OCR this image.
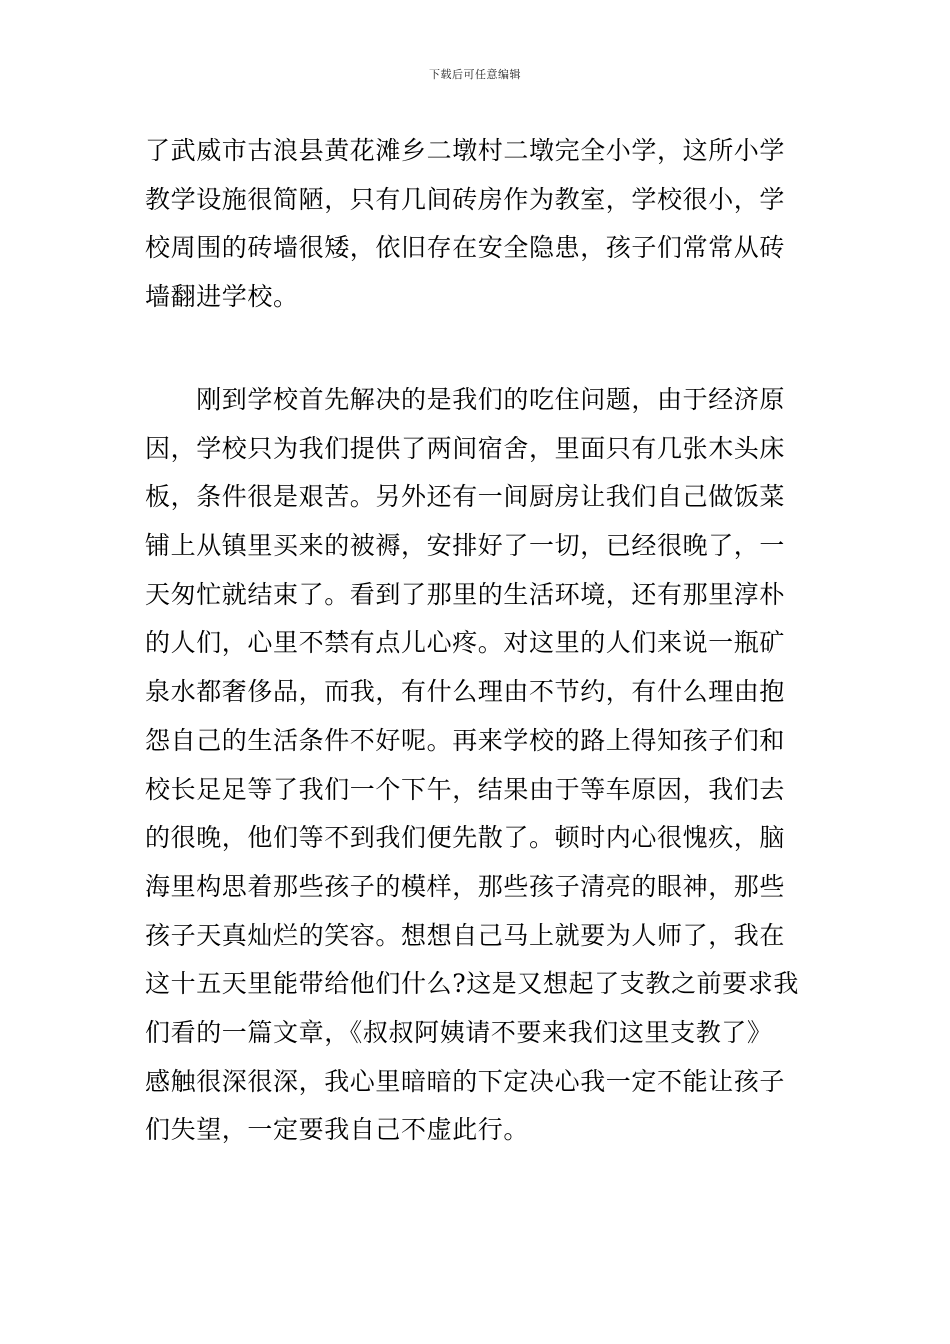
下载后可任意编辑
了武威市古浪县黄花滩乡二墩村二墩完全小学，这所小学
教学设施很简陋，只有几间砖房作为教室，学校很小，学
校周围的砖墙很矮，依旧存在安全隐患，孩子们常常从砖
墙翻进学校。
　　刚到学校首先解决的是我们的吃住问题，由于经济原
因，学校只为我们提供了两间宿舍，里面只有几张木头床
板，条件很是艰苦。另外还有一间厨房让我们自己做饭菜
铺上从镇里买来的被褥，安排好了一切，已经很晚了，一
天匆忙就结束了。看到了那里的生活环境，还有那里淳朴
的人们，心里不禁有点儿心疼。对这里的人们来说一瓶矿
泉水都奢侈品，而我，有什么理由不节约，有什么理由抱
怨自己的生活条件不好呢。再来学校的路上得知孩子们和
校长足足等了我们一个下午，结果由于等车原因，我们去
的很晚，他们等不到我们便先散了。顿时内心很愧疚，脑
海里构思着那些孩子的模样，那些孩子清亮的眼神，那些
孩子天真灿烂的笑容。想想自己马上就要为人师了，我在
这十五天里能带给他们什么?这是又想起了支教之前要求我
们看的一篇文章，《叔叔阿姨请不要来我们这里支教了》
感触很深很深，我心里暗暗的下定决心我一定不能让孩子
们失望，一定要我自己不虚此行。
